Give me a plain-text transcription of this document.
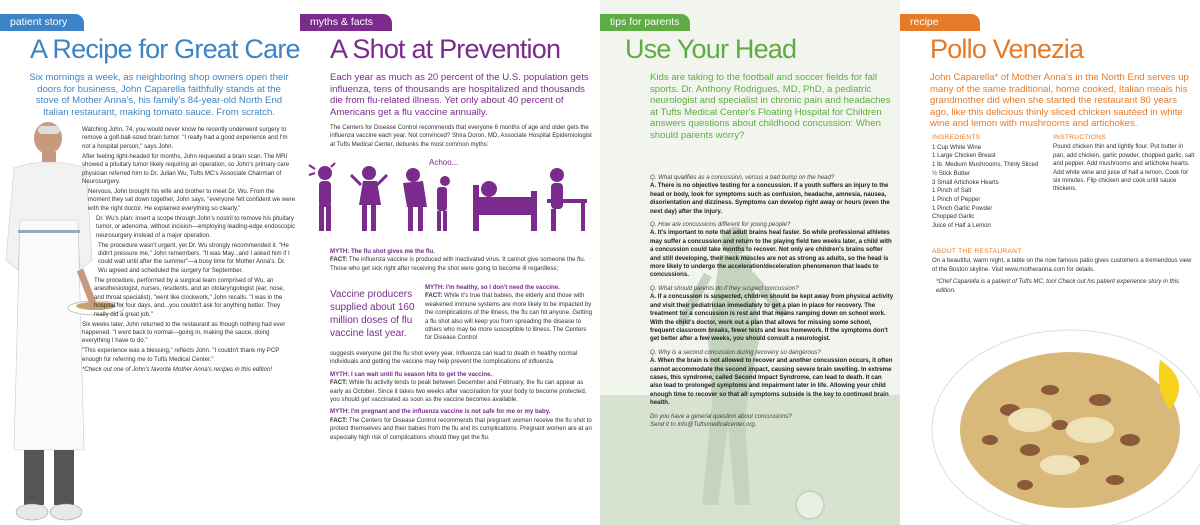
patient story
A Recipe for Great Care
Six mornings a week, as neighboring shop owners open their doors for business, John Caparella faithfully stands at the stove of Mother Anna's, his family's 84-year-old North End Italian restaurant, making tomato sauce. From scratch.

Watching John, 74, you would never know he recently underwent surgery to remove a golf-ball-sized brain tumor. "I really had a good experience and I'm not a hospital person," says John.

After feeling light-headed for months, John requested a brain scan. The MRI showed a pituitary tumor likely requiring an operation, so John's primary care physician referred him to Dr. Julian Wu, Tufts MC's Associate Chairman of Neurosurgery.

Nervous, John brought his wife and brother to meet Dr. Wu. From the moment they sat down together, John says, "everyone felt confident we were with the right doctor. He explained everything so clearly."

Dr. Wu's plan: insert a scope through John's nostril to remove his pituitary tumor, or adenoma, without incision—employing leading-edge endoscopic neurosurgery instead of a major operation.

The procedure wasn't urgent, yet Dr. Wu strongly recommended it. "He didn't pressure me," John remembers. "It was May...and I asked him if I could wait until after the summer"—a busy time for Mother Anna's. Dr. Wu agreed and scheduled the surgery for September.

The procedure, performed by a surgical team comprised of Wu, an anesthesiologist, nurses, residents, and an otolaryngologist (ear, nose, and throat specialist), "went like clockwork," John recalls. "I was in the hospital for four days, and...you couldn't ask for anything better. They really did a great job."

Six weeks later, John returned to the restaurant as though nothing had ever happened. "I went back to normal—going in, making the sauce, doing everything I have to do."

"This experience was a blessing," reflects John. "I couldn't thank my PCP enough for referring me to Tufts Medical Center."

*Check out one of John's favorite Mother Anna's recipes in this edition!

myths & facts
A Shot at Prevention
Each year as much as 20 percent of the U.S. population gets influenza, tens of thousands are hospitalized and thousands die from flu-related illness. Yet only about 40 percent of Americans get a flu vaccine annually.
The Centers for Disease Control recommends that everyone 6 months of age and older gets the influenza vaccine each year. Not convinced? Shira Doron, MD, Associate Hospital Epidemiologist at Tufts Medical Center, debunks the most common myths:
Achoo...
MYTH: The flu shot gives me the flu.
FACT: The influenza vaccine is produced with inactivated virus. It cannot give someone the flu. Those who get sick right after receiving the shot were going to become ill regardless;
Vaccine producers supplied about 160 million doses of flu vaccine last year.
MYTH: I'm healthy, so I don't need the vaccine.
FACT: While it's true that babies, the elderly and those with weakened immune systems are more likely to be impacted by the complications of the illness, the flu can hit anyone. Getting a flu shot also will keep you from spreading the disease to others who may be more susceptible to illness. The Centers for Disease Control

suggests everyone get the flu shot every year. Influenza can lead to death in healthy normal individuals and getting the vaccine may help prevent the complications of influenza.

MYTH: I can wait until flu season hits to get the vaccine.
FACT: While flu activity tends to peak between December and February, the flu can appear as early as October. Since it takes two weeks after vaccination for your body to become protected, you should get vaccinated as soon as the vaccine becomes available.
MYTH: I'm pregnant and the influenza vaccine is not safe for me or my baby.
FACT: The Centers for Disease Control recommends that pregnant women receive the flu shot to protect themselves and their babies from the flu and its complications. Pregnant women are at an especially high risk of complications should they get the flu.
tips for parents
Use Your Head
Kids are taking to the football and soccer fields for fall sports. Dr. Anthony Rodrigues, MD, PhD, a pediatric neurologist and specialist in chronic pain and headaches at Tufts Medical Center's Floating Hospital for Children answers questions about childhood concussion: When should parents worry?
Q. What qualifies as a concussion, versus a bad bump on the head?
A. There is no objective testing for a concussion. If a youth suffers an injury to the head or body, look for symptoms such as confusion, headache, amnesia, nausea, disorientation and dizziness. Symptoms can develop right away or hours (even the next day) after the injury.
Q. How are concussions different for young people?
A. It's important to note that adult brains heal faster. So while professional athletes may suffer a concussion and return to the playing field two weeks later, a child with a concussion could take months to recover. Not only are children's brains softer and still developing, their neck muscles are not as strong as adults, so the head is more likely to undergo the acceleration/deceleration phenomenon that leads to concussions.
Q. What should parents do if they suspect concussion?
A. If a concussion is suspected, children should be kept away from physical activity and visit their pediatrician immediately to get a plan in place for recovery. The treatment for a concussion is rest and that means ramping down on school work. With the child's doctor, work out a plan that allows for missing some school, frequent classroom breaks, fewer tests and less homework. If the symptoms don't get better after a few weeks, you should consult a neurologist.
Q. Why is a second concussion during recovery so dangerous?
A. When the brain is not allowed to recover and another concussion occurs, it often cannot accommodate the second impact, causing severe brain swelling. In extreme cases, this syndrome, called Second Impact Syndrome, can lead to death. It can also lead to prolonged symptoms and impairment later in life. Allowing your child enough time to recover so that all symptoms subside is the key to continued brain health.
Do you have a general question about concussions?
Send it to info@Tuftsmedicalcenter.org.
recipe
Pollo Venezia
John Caparella* of Mother Anna's in the North End serves up many of the same traditional, home cooked, Italian meals his grandmother did when she started the restaurant 80 years ago, like this delicious thinly sliced chicken sautéed in white wine and lemon with mushrooms and artichokes.
INGREDIENTS
1 Cup White Wine
1 Large Chicken Breast
1 lb. Medium Mushrooms, Thinly Sliced
½ Stick Butter
3 Small Artichoke Hearts
1 Pinch of Salt
1 Pinch of Pepper
1 Pinch Garlic Powder
Chopped Garlic
Juice of Half a Lemon
INSTRUCTIONS
Pound chicken thin and lightly flour. Put butter in pan, add chicken, garlic powder, chopped garlic, salt and pepper. Add mushrooms and artichoke hearts. Add white wine and juice of half a lemon. Cook for six minutes. Flip chicken and cook until sauce thickens.
ABOUT THE RESTAURANT
On a beautiful, warm night, a table on the now famous patio gives customers a tremendous view of the Boston skyline. Visit www.motheranna.com for details.
*Chef Caparella is a patient of Tufts MC, too! Check out his patient experience story in this edition.
